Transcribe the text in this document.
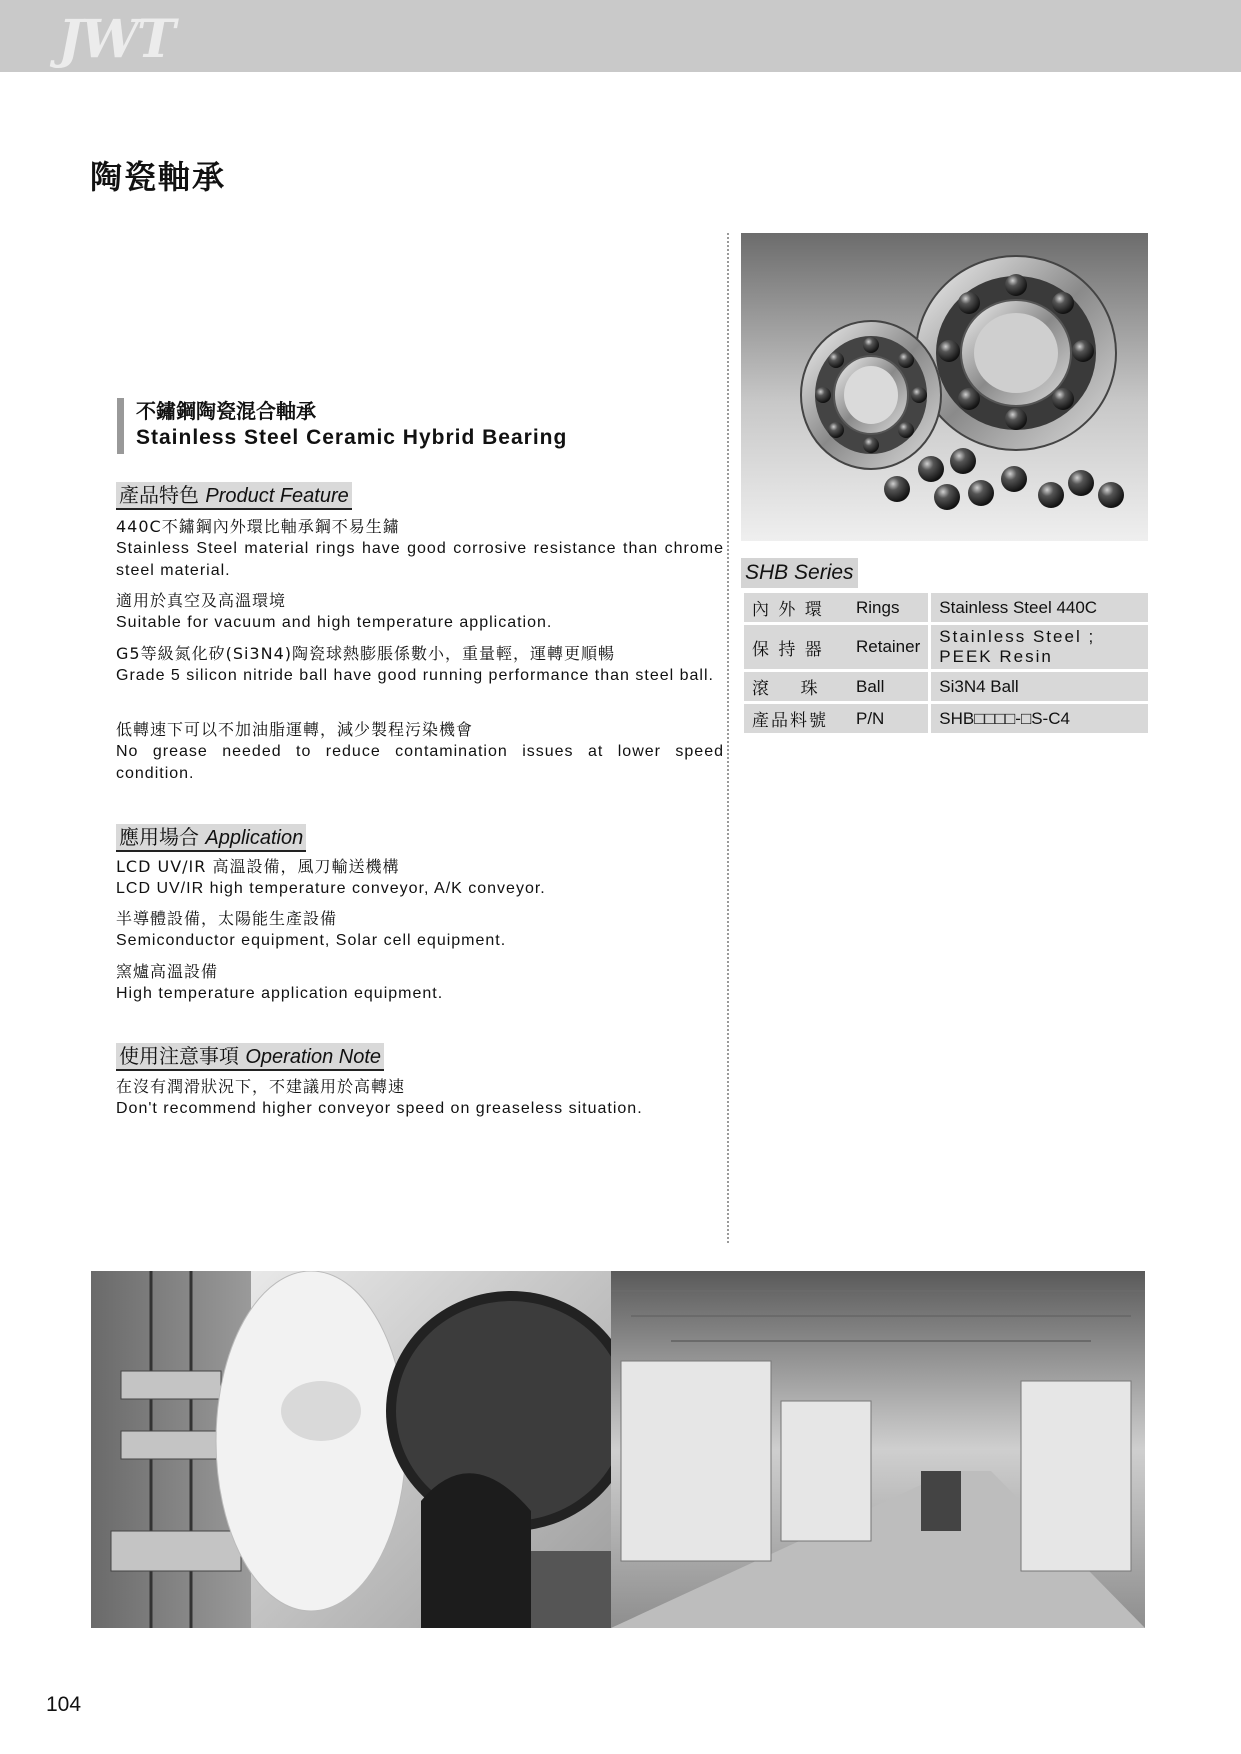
JWT
陶瓷軸承
不鏽鋼陶瓷混合軸承
Stainless Steel Ceramic Hybrid Bearing
產品特色 Product Feature
440C不鏽鋼內外環比軸承鋼不易生鏽
Stainless Steel material rings have good corrosive resistance than chrome steel material.
適用於真空及高溫環境
Suitable for vacuum and high temperature application.
G5等級氮化矽(Si3N4)陶瓷球熱膨脹係數小，重量輕，運轉更順暢
Grade 5 silicon nitride ball have good running performance than steel ball.
低轉速下可以不加油脂運轉，減少製程污染機會
No grease needed to reduce contamination issues at lower speed condition.
應用場合 Application
LCD UV/IR 高溫設備，風刀輸送機構
LCD UV/IR high temperature conveyor, A/K conveyor.
半導體設備，太陽能生產設備
Semiconductor equipment, Solar cell equipment.
窯爐高溫設備
High temperature application equipment.
使用注意事項 Operation Note
在沒有潤滑狀況下，不建議用於高轉速
Don't recommend higher conveyor speed on greaseless situation.
SHB Series
內 外 環	Rings	Stainless Steel 440C
保 持 器	Retainer	Stainless Steel ; PEEK Resin
滾    珠	Ball	Si3N4 Ball
產品料號	P/N	SHB□□□□-□S-C4
104
